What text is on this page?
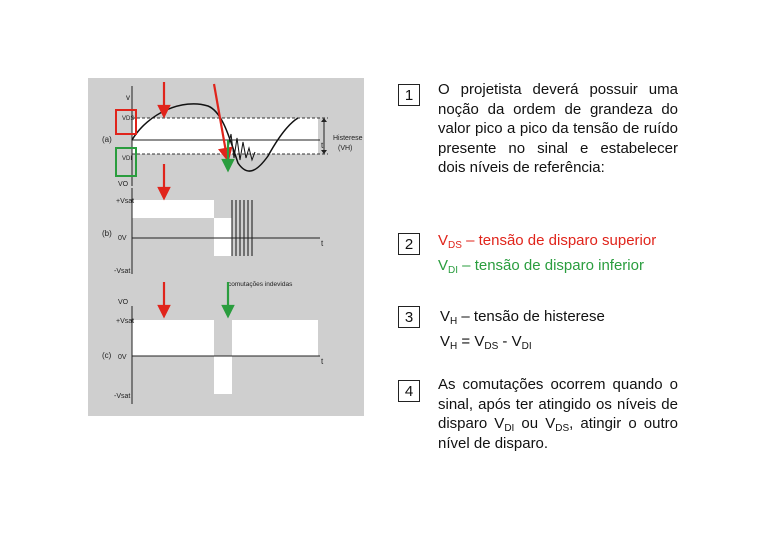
v
t
Histerese
(VH)
(a)
VDS
VDI
+Vsat
0V
-Vsat
t
(b)
VO
comutações indevidas
+Vsat
0V
-Vsat
t
(c)
VO
1	O projetista deverá possuir uma noção da ordem de grandeza do valor pico a pico da tensão de ruído presente no sinal e estabelecer dois níveis de referência:
2	$V_{DS}$ – tensão de disparo superior
$V_{DI}$ – tensão de disparo inferior
3	$V_H$ – tensão de histerese
$V_H = V_{DS} - V_{DI}$
4	As comutações ocorrem quando o sinal, após ter atingido os níveis de disparo $V_{DI}$ ou $V_{DS}$, atingir o outro nível de disparo.
